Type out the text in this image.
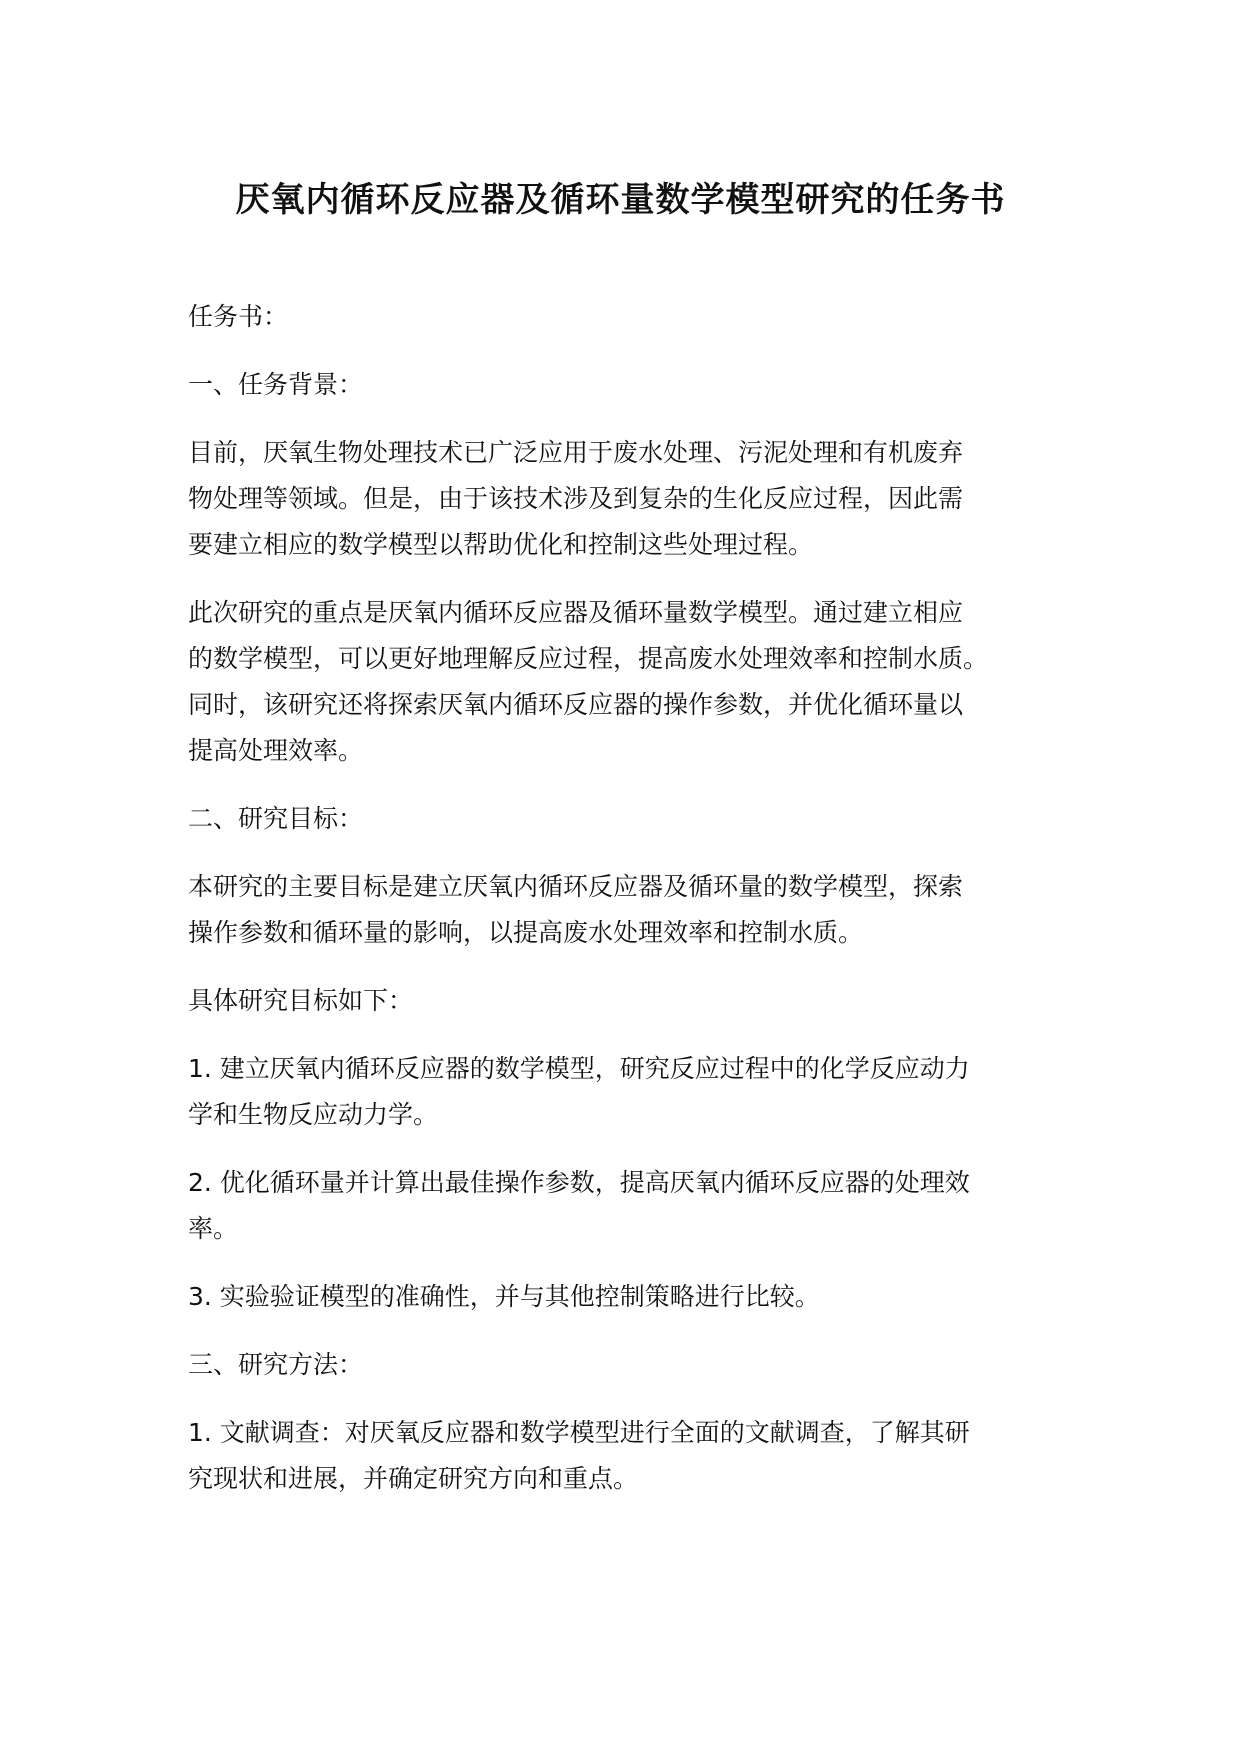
厌氧内循环反应器及循环量数学模型研究的任务书

任务书：

一、任务背景：

目前，厌氧生物处理技术已广泛应用于废水处理、污泥处理和有机废弃
物处理等领域。但是，由于该技术涉及到复杂的生化反应过程，因此需
要建立相应的数学模型以帮助优化和控制这些处理过程。

此次研究的重点是厌氧内循环反应器及循环量数学模型。通过建立相应
的数学模型，可以更好地理解反应过程，提高废水处理效率和控制水质。
同时，该研究还将探索厌氧内循环反应器的操作参数，并优化循环量以
提高处理效率。

二、研究目标：

本研究的主要目标是建立厌氧内循环反应器及循环量的数学模型，探索
操作参数和循环量的影响，以提高废水处理效率和控制水质。

具体研究目标如下：

1. 建立厌氧内循环反应器的数学模型，研究反应过程中的化学反应动力
学和生物反应动力学。

2. 优化循环量并计算出最佳操作参数，提高厌氧内循环反应器的处理效
率。

3. 实验验证模型的准确性，并与其他控制策略进行比较。

三、研究方法：

1. 文献调查：对厌氧反应器和数学模型进行全面的文献调查，了解其研
究现状和进展，并确定研究方向和重点。
